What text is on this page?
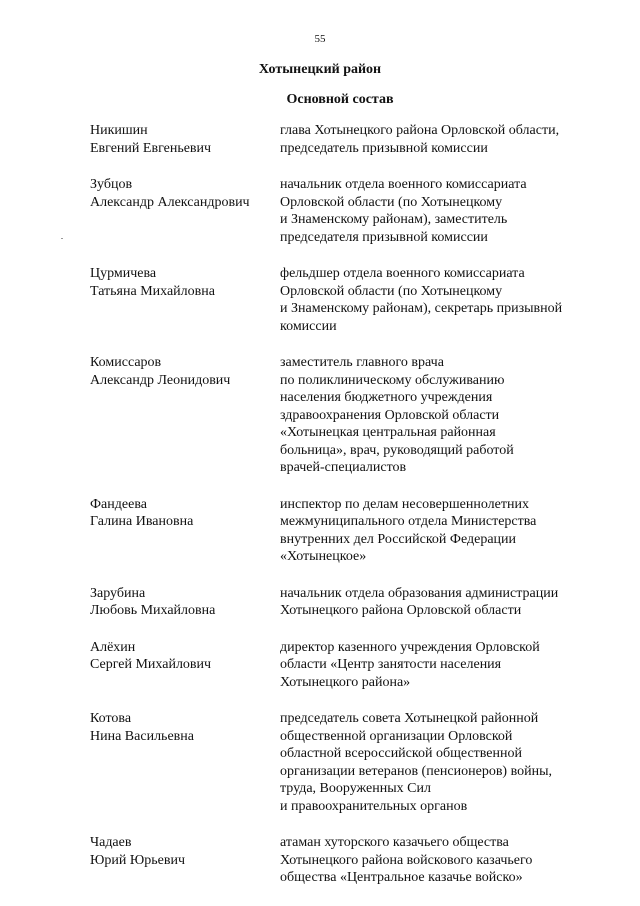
55
Хотынецкий район
Основной состав
Никишин
Евгений Евгеньевич
глава Хотынецкого района Орловской области,
председатель призывной комиссии
Зубцов
Александр Александрович
начальник отдела военного комиссариата
Орловской области (по Хотынецкому
и Знаменскому районам), заместитель
председателя призывной комиссии
Цурмичева
Татьяна Михайловна
фельдшер отдела военного комиссариата
Орловской области (по Хотынецкому
и Знаменскому районам), секретарь призывной
комиссии
Комиссаров
Александр Леонидович
заместитель главного врача
по поликлиническому обслуживанию
населения бюджетного учреждения
здравоохранения Орловской области
«Хотынецкая центральная районная
больница», врач, руководящий работой
врачей-специалистов
Фандеева
Галина Ивановна
инспектор по делам несовершеннолетних
межмуниципального отдела Министерства
внутренних дел Российской Федерации
«Хотынецкое»
Зарубина
Любовь Михайловна
начальник отдела образования администрации
Хотынецкого района Орловской области
Алёхин
Сергей Михайлович
директор казенного учреждения Орловской
области «Центр занятости населения
Хотынецкого района»
Котова
Нина Васильевна
председатель совета Хотынецкой районной
общественной организации Орловской
областной всероссийской общественной
организации ветеранов (пенсионеров) войны,
труда, Вооруженных Сил
и правоохранительных органов
Чадаев
Юрий Юрьевич
атаман хуторского казачьего общества
Хотынецкого района войскового казачьего
общества «Центральное казачье войско»
